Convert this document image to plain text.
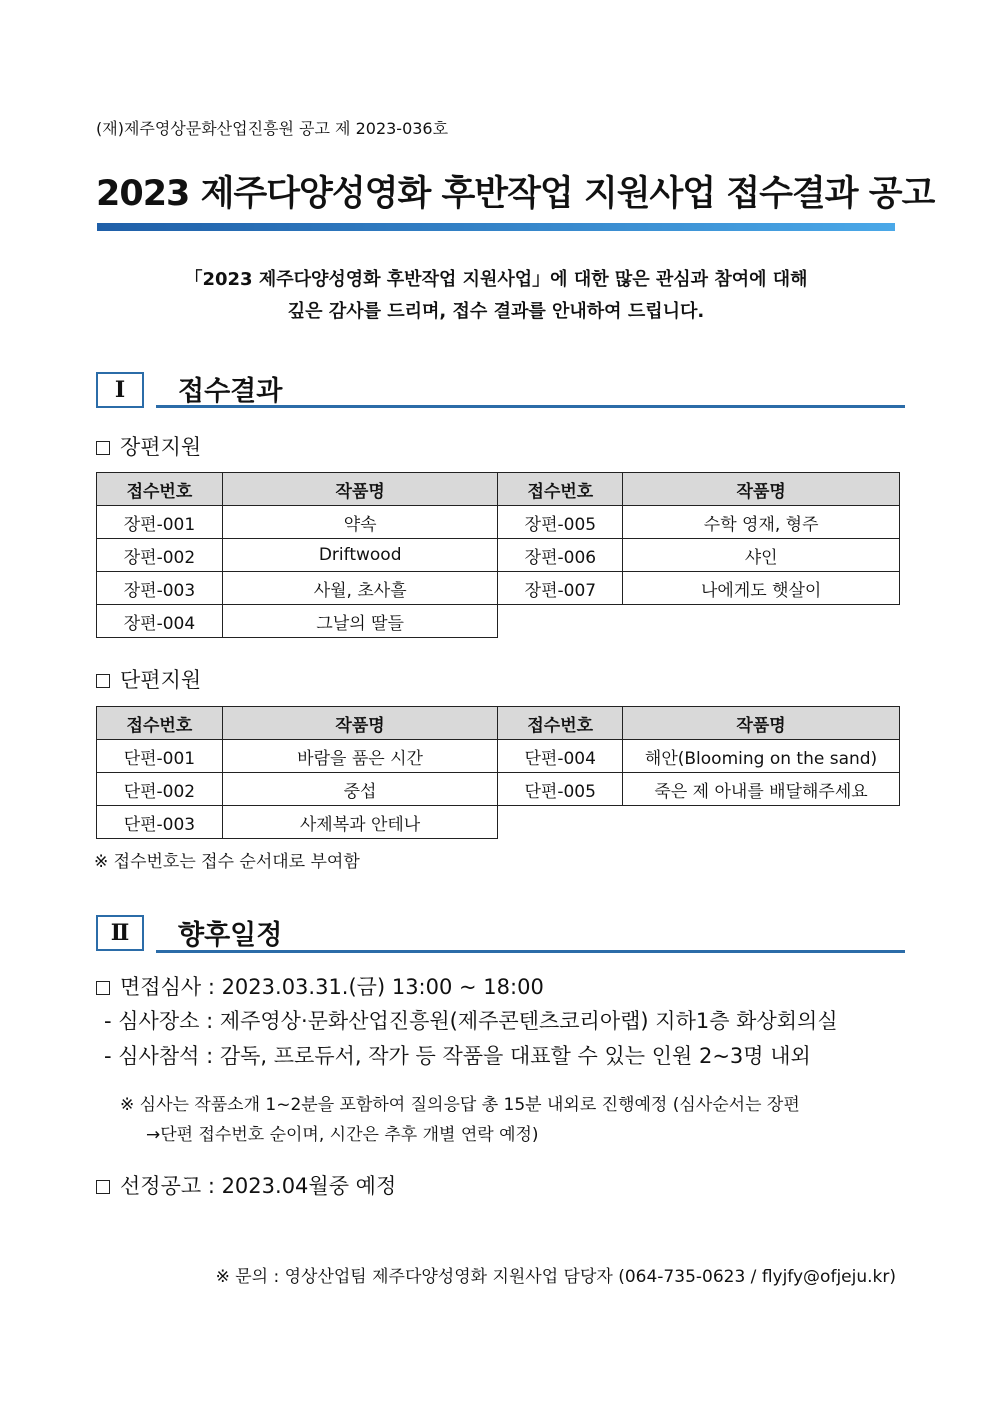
(재)제주영상문화산업진흥원 공고 제 2023-036호
2023 제주다양성영화 후반작업 지원사업 접수결과 공고
「2023 제주다양성영화 후반작업 지원사업」에 대한 많은 관심과 참여에 대해
깊은 감사를 드리며, 접수 결과를 안내하여 드립니다.
Ⅰ	접수결과
장편지원
접수번호	작품명	접수번호	작품명
장편-001	약속	장편-005	수학 영재, 형주
장편-002	Driftwood	장편-006	샤인
장편-003	사월, 초사흘	장편-007	나에게도 햇살이
장편-004	그날의 딸들		
단편지원
접수번호	작품명	접수번호	작품명
단편-001	바람을 품은 시간	단편-004	해안(Blooming on the sand)
단편-002	중섭	단편-005	죽은 제 아내를 배달해주세요
단편-003	사제복과 안테나		
※ 접수번호는 접수 순서대로 부여함
Ⅱ	향후일정
면접심사 : 2023.03.31.(금) 13:00 ~ 18:00
- 심사장소 : 제주영상·문화산업진흥원(제주콘텐츠코리아랩) 지하1층 화상회의실
- 심사참석 : 감독, 프로듀서, 작가 등 작품을 대표할 수 있는 인원 2~3명 내외
※ 심사는 작품소개 1~2분을 포함하여 질의응답 총 15분 내외로 진행예정 (심사순서는 장편
→단편 접수번호 순이며, 시간은 추후 개별 연락 예정)
선정공고 : 2023.04월중 예정
※ 문의 : 영상산업팀 제주다양성영화 지원사업 담당자 (064-735-0623 / flyjfy@ofjeju.kr)
